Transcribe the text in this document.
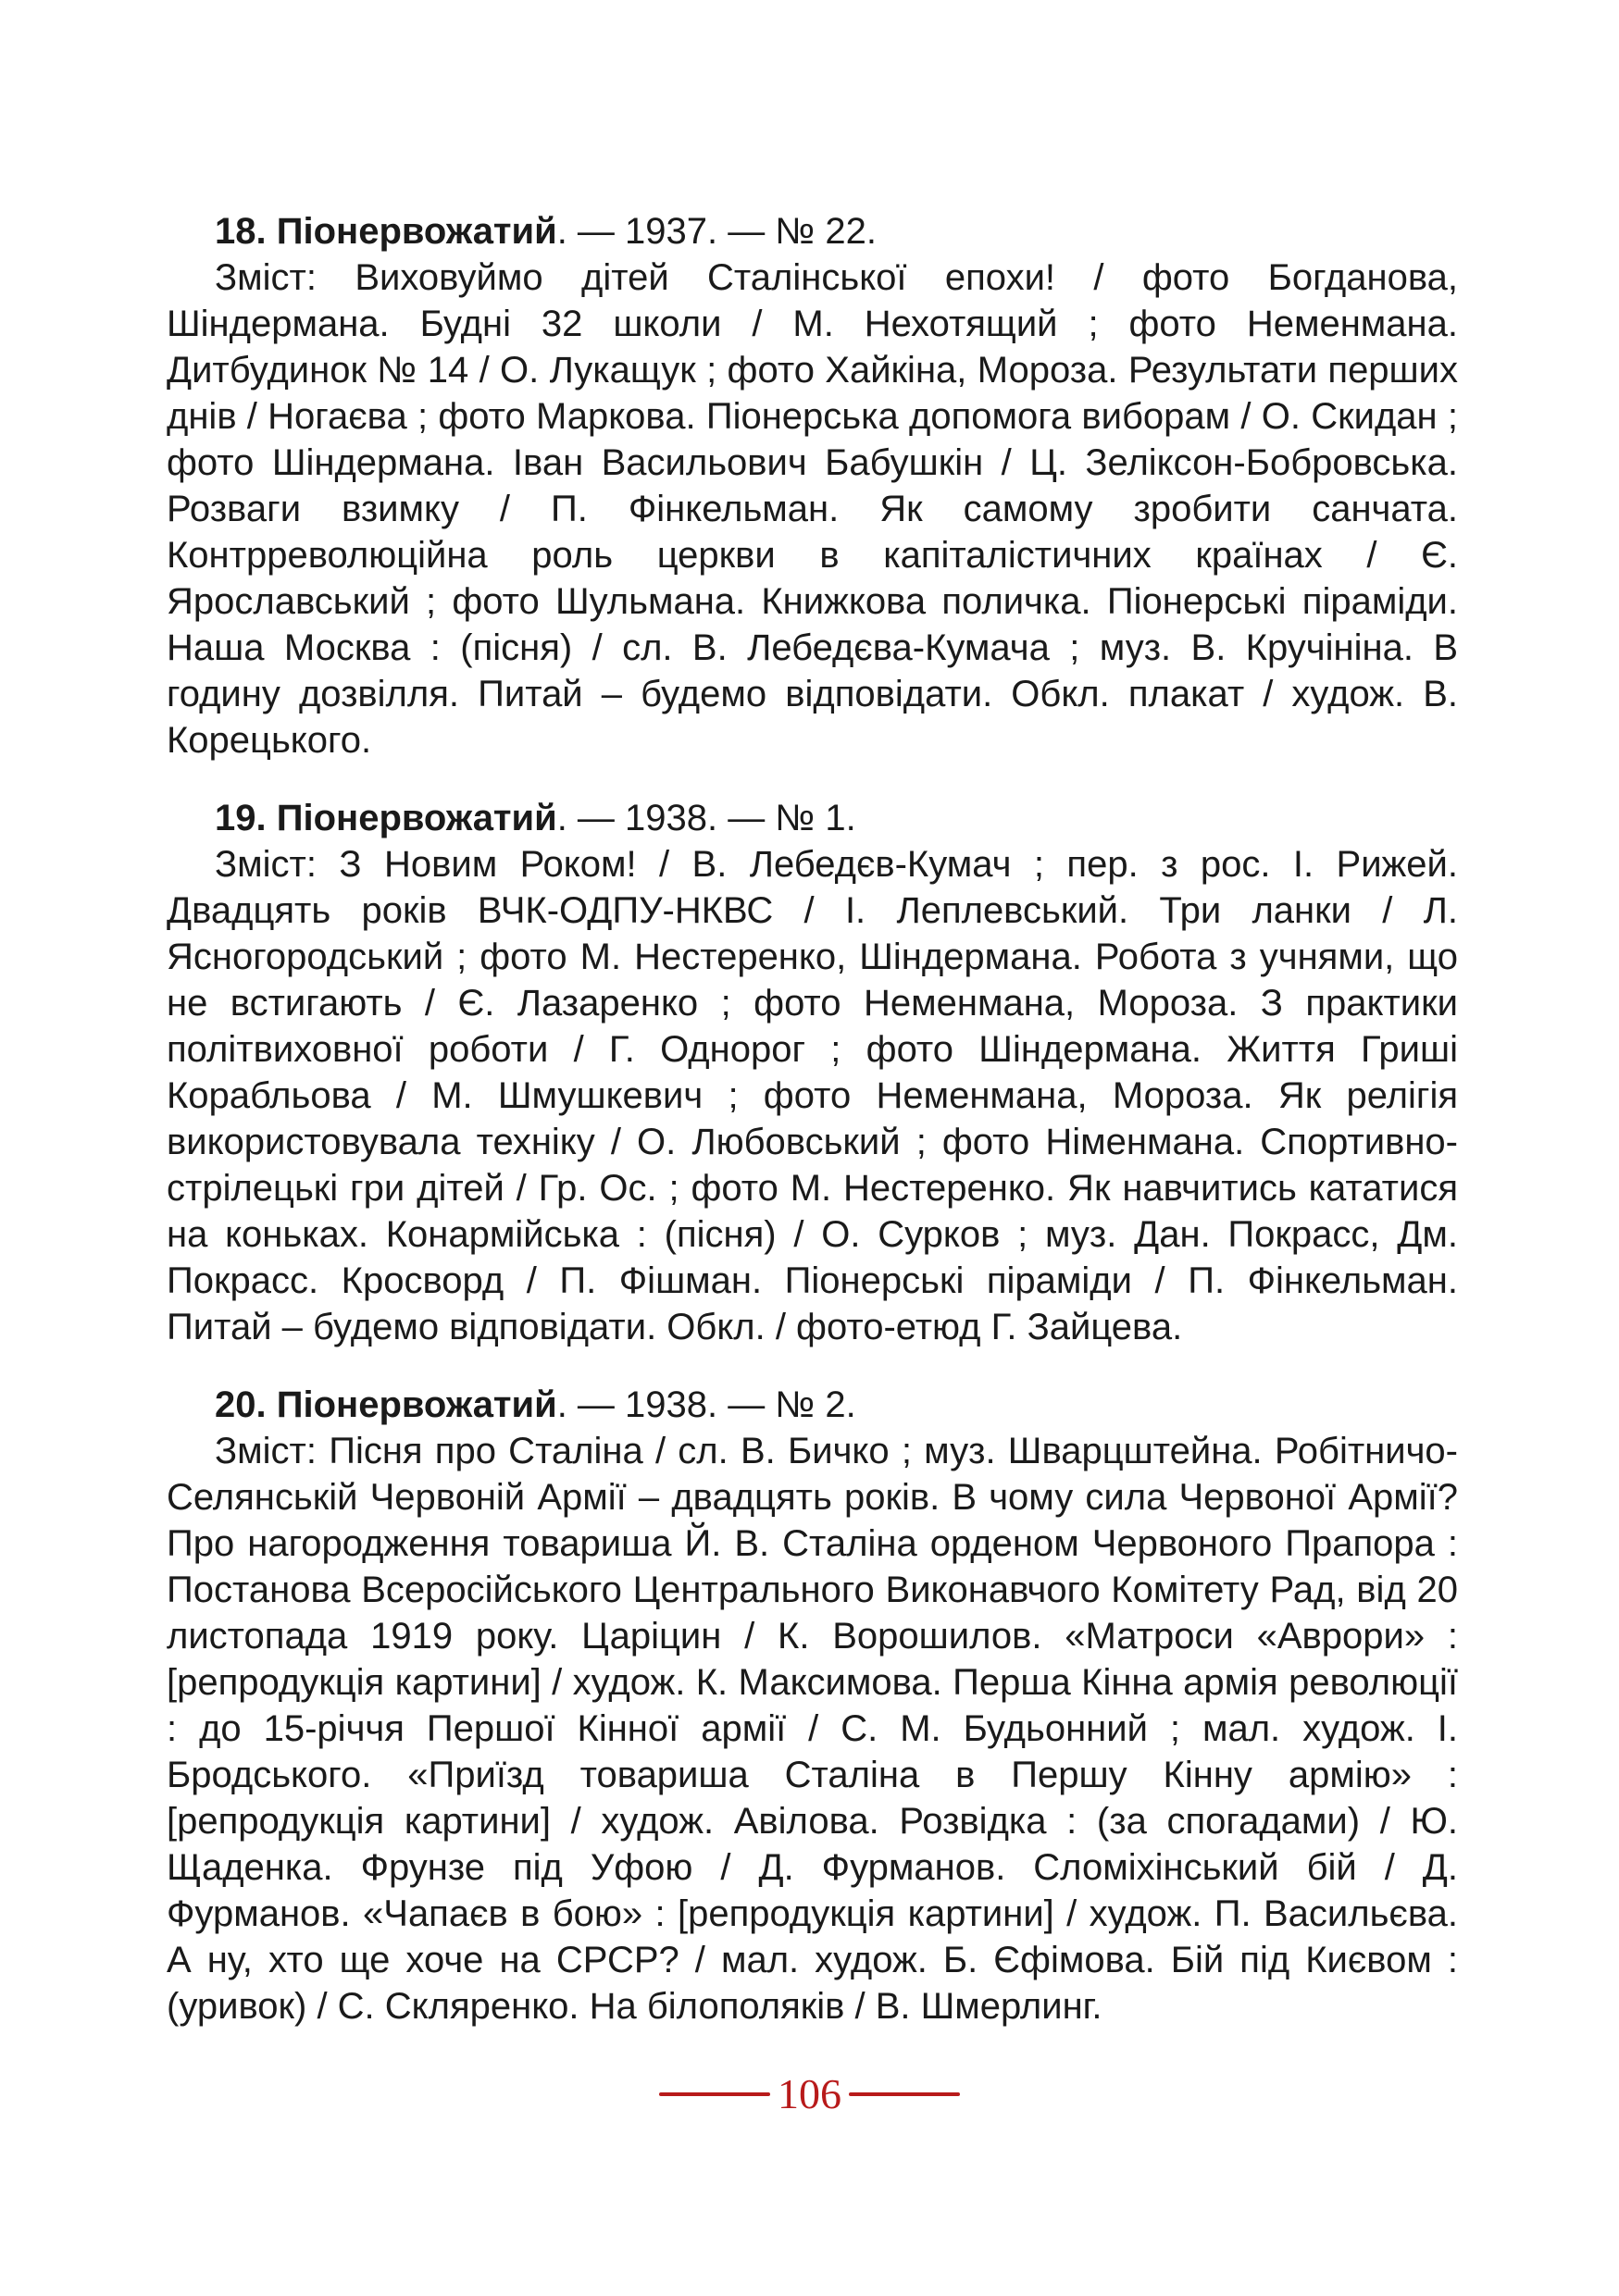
18. Піонервожатий. — 1937. — № 22.

Зміст: Виховуймо дітей Сталінської епохи! / фото Богданова, Шіндермана. Будні 32 школи / М. Нехотящий ; фото Неменмана. Дитбудинок № 14 / О. Лукащук ; фото Хайкіна, Мороза. Результати перших днів / Ногаєва ; фото Маркова. Піонерська допомога виборам / О. Скидан ; фото Шіндермана. Іван Васильович Бабушкін / Ц. Зеліксон-Бобровська. Розваги взимку / П. Фінкельман. Як самому зробити санчата. Контрреволюційна роль церкви в капіталістичних країнах / Є. Ярославський ; фото Шульмана. Книжкова поличка. Піонерські піраміди. Наша Москва : (пісня) / сл. В. Лебедєва-Кумача ; муз. В. Кручініна. В годину дозвілля. Питай – будемо відповідати. Обкл. плакат / худож. В. Корецького.

19. Піонервожатий. — 1938. — № 1.

Зміст: З Новим Роком! / В. Лебедєв-Кумач ; пер. з рос. І. Рижей. Двадцять років ВЧК-ОДПУ-НКВС / І. Леплевський. Три ланки / Л. Ясногородський ; фото М. Нестеренко, Шіндермана. Робота з учнями, що не встигають / Є. Лазаренко ; фото Неменмана, Мороза. З практики політвиховної роботи / Г. Однорог ; фото Шіндермана. Життя Гриші Корабльова / М. Шмушкевич ; фото Неменмана, Мороза. Як релігія використовувала техніку / О. Любовський ; фото Німенмана. Спортивно-стрілецькі гри дітей / Гр. Ос. ; фото М. Нестеренко. Як навчитись кататися на коньках. Конармійська : (пісня) / О. Сурков ; муз. Дан. Покрасс, Дм. Покрасс. Кросворд / П. Фішман. Піонерські піраміди / П. Фінкельман. Питай – будемо відповідати. Обкл. / фото-етюд Г. Зайцева.

20. Піонервожатий. — 1938. — № 2.

Зміст: Пісня про Сталіна / сл. В. Бичко ; муз. Шварцштейна. Робітничо-Селянській Червоній Армії – двадцять років. В чому сила Червоної Армії? Про нагородження товариша Й. В. Сталіна орденом Червоного Прапора : Постанова Всеросійського Центрального Виконавчого Комітету Рад, від 20 листопада 1919 року. Царіцин / К. Ворошилов. «Матроси «Аврори» : [репродукція картини] / худож. К. Максимова. Перша Кінна армія революції : до 15-річчя Першої Кінної армії / С. М. Будьонний ; мал. худож. І. Бродського. «Приїзд товариша Сталіна в Першу Кінну армію» : [репродукція картини] / худож. Авілова. Розвідка : (за спогадами) / Ю. Щаденка. Фрунзе під Уфою / Д. Фурманов. Сломіхінський бій / Д. Фурманов. «Чапаєв в бою» : [репродукція картини] / худож. П. Васильєва. А ну, хто ще хоче на СРСР? / мал. худож. Б. Єфімова. Бій під Києвом : (уривок) / С. Скляренко. На білополяків / В. Шмерлинг.

106
